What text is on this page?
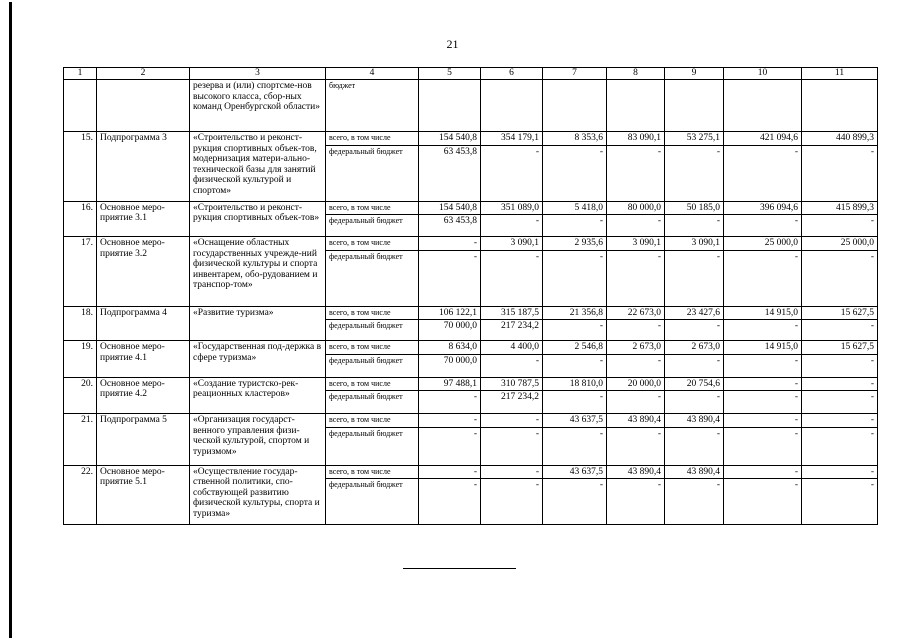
21
1	2	3	4	5	6	7	8	9	10	11
		резерва и (или) спортсме-нов высокого класса, сбор-ных команд Оренбургской области»	бюджет							
15.	Подпрограмма 3	«Строительство и реконст-рукция спортивных объек-тов, модернизация матери-ально-технической базы для занятий физической культурой и спортом»	всего, в том числе	154 540,8	354 179,1	8 353,6	83 090,1	53 275,1	421 094,6	440 899,3
			федеральный бюджет	63 453,8	-	-	-	-	-	-
16.	Основное меро-приятие 3.1	«Строительство и реконст-рукция спортивных объек-тов»	всего, в том числе	154 540,8	351 089,0	5 418,0	80 000,0	50 185,0	396 094,6	415 899,3
			федеральный бюджет	63 453,8	-	-	-	-	-	-
17.	Основное меро-приятие 3.2	«Оснащение областных государственных учрежде-ний физической культуры и спорта инвентарем, обо-рудованием и транспор-том»	всего, в том числе	-	3 090,1	2 935,6	3 090,1	3 090,1	25 000,0	25 000,0
			федеральный бюджет	-	-	-	-	-	-	-
18.	Подпрограмма 4	«Развитие туризма»	всего, в том числе	106 122,1	315 187,5	21 356,8	22 673,0	23 427,6	14 915,0	15 627,5
			федеральный бюджет	70 000,0	217 234,2	-	-	-	-	-
19.	Основное меро-приятие 4.1	«Государственная под-держка в сфере туризма»	всего, в том числе	8 634,0	4 400,0	2 546,8	2 673,0	2 673,0	14 915,0	15 627,5
			федеральный бюджет	70 000,0	-	-	-	-	-	-
20.	Основное меро-приятие 4.2	«Создание туристско-рек-реационных кластеров»	всего, в том числе	97 488,1	310 787,5	18 810,0	20 000,0	20 754,6	-	-
			федеральный бюджет	-	217 234,2	-	-	-	-	-
21.	Подпрограмма 5	«Организация государст-венного управления физи-ческой культурой, спортом и туризмом»	всего, в том числе	-	-	43 637,5	43 890,4	43 890,4	-	-
			федеральный бюджет	-	-	-	-	-	-	-
22.	Основное меро-приятие 5.1	«Осуществление государ-ственной политики, спо-собствующей развитию физической культуры, спорта и туризма»	всего, в том числе	-	-	43 637,5	43 890,4	43 890,4	-	-
			федеральный бюджет	-	-	-	-	-	-	-
